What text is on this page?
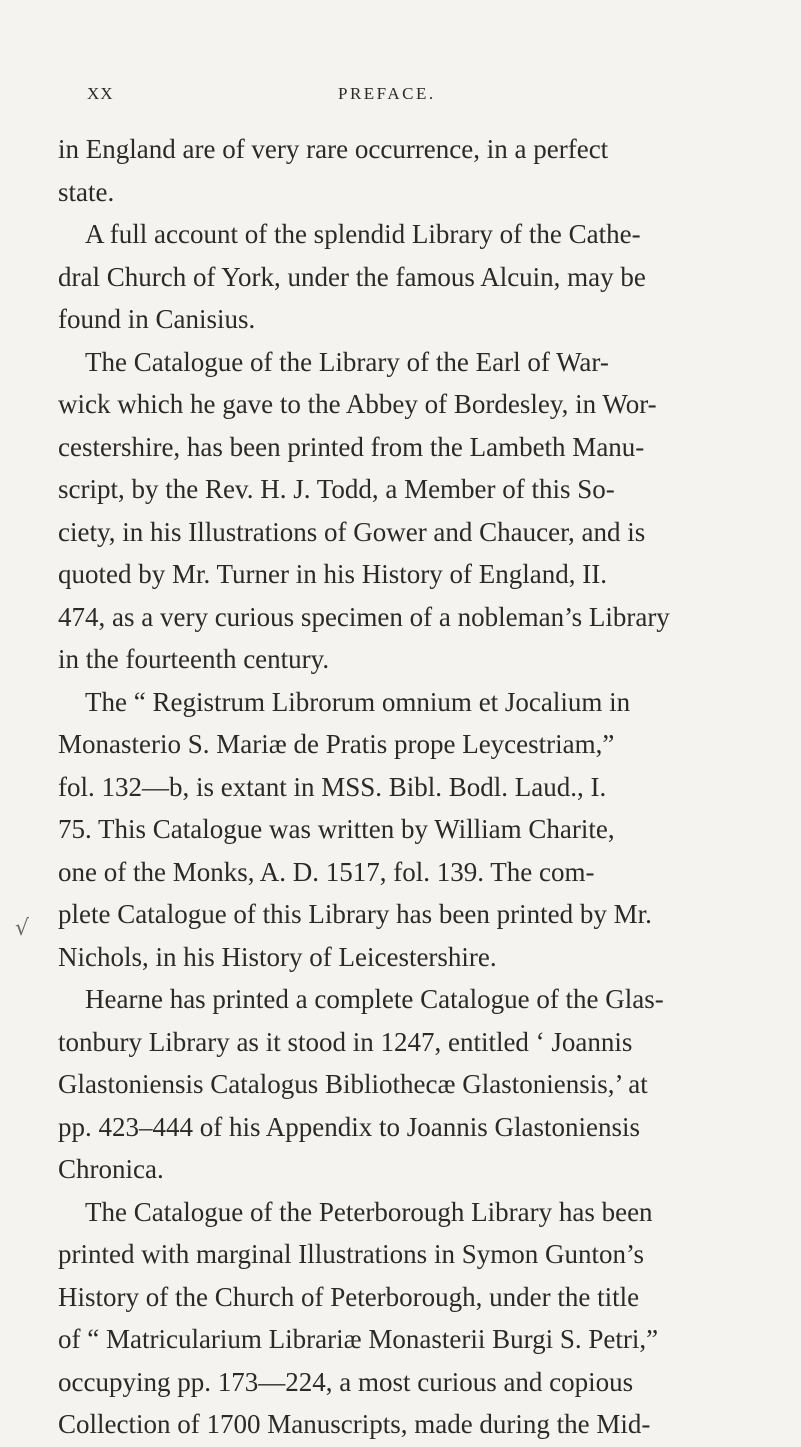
XX	PREFACE.
√
in England are of very rare occurrence, in a perfect
state.
A full account of the splendid Library of the Cathe-
dral Church of York, under the famous Alcuin, may be
found in Canisius.
The Catalogue of the Library of the Earl of War-
wick which he gave to the Abbey of Bordesley, in Wor-
cestershire, has been printed from the Lambeth Manu-
script, by the Rev. H. J. Todd, a Member of this So-
ciety, in his Illustrations of Gower and Chaucer, and is
quoted by Mr. Turner in his History of England, II.
474, as a very curious specimen of a nobleman’s Library
in the fourteenth century.
The “ Registrum Librorum omnium et Jocalium in
Monasterio S. Mariæ de Pratis prope Leycestriam,”
fol. 132—b, is extant in MSS. Bibl. Bodl. Laud., I.
75. This Catalogue was written by William Charite,
one of the Monks, A. D. 1517, fol. 139. The com-
plete Catalogue of this Library has been printed by Mr.
Nichols, in his History of Leicestershire.
Hearne has printed a complete Catalogue of the Glas-
tonbury Library as it stood in 1247, entitled ‘ Joannis
Glastoniensis Catalogus Bibliothecæ Glastoniensis,’ at
pp. 423–444 of his Appendix to Joannis Glastoniensis
Chronica.
The Catalogue of the Peterborough Library has been
printed with marginal Illustrations in Symon Gunton’s
History of the Church of Peterborough, under the title
of “ Matricularium Librariæ Monasterii Burgi S. Petri,”
occupying pp. 173—224, a most curious and copious
Collection of 1700 Manuscripts, made during the Mid-
